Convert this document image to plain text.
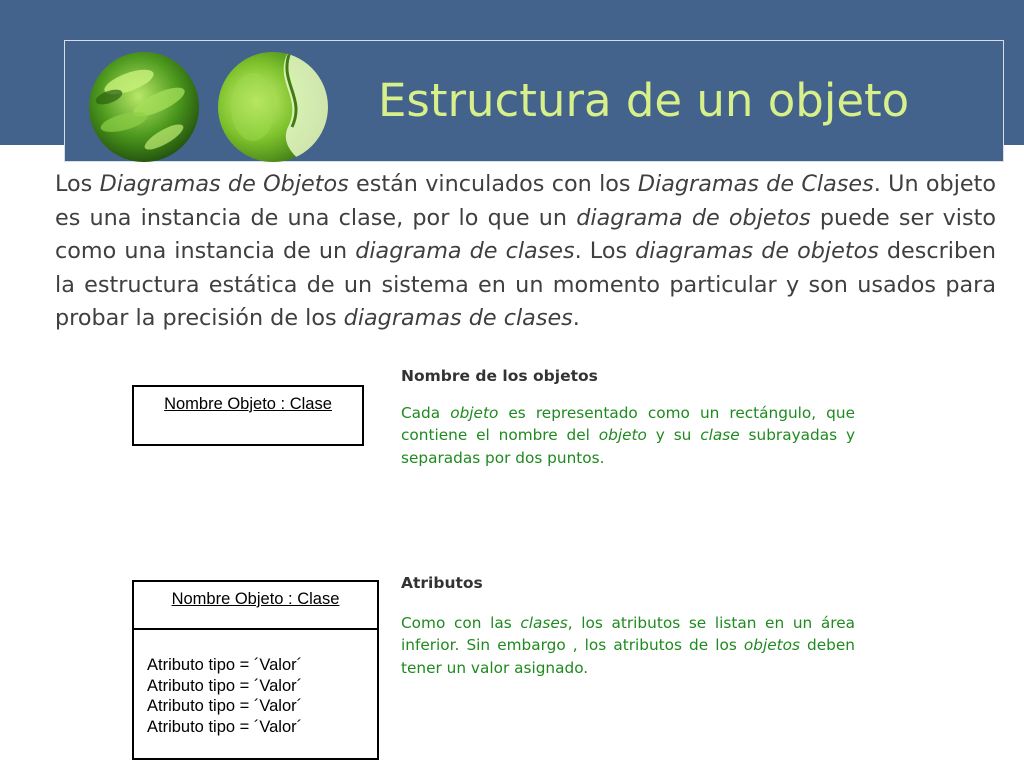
Estructura de un objeto
Los Diagramas de Objetos están vinculados con los Diagramas de Clases. Un objeto es una instancia de una clase, por lo que un diagrama de objetos puede ser visto como una instancia de un diagrama de clases. Los diagramas de objetos describen la estructura estática de un sistema en un momento particular y son usados para probar la precisión de los diagramas de clases.
Nombre Objeto : Clase
Nombre Objeto : Clase
Atributo tipo = ´Valor´
Atributo tipo = ´Valor´
Atributo tipo = ´Valor´
Atributo tipo = ´Valor´
Nombre de los objetos
Cada objeto es representado como un rectángulo, que contiene el nombre del objeto y su clase subrayadas y separadas por dos puntos.
Atributos
Como con las clases, los atributos se listan en un área inferior. Sin embargo , los atributos de los objetos deben tener un valor asignado.
